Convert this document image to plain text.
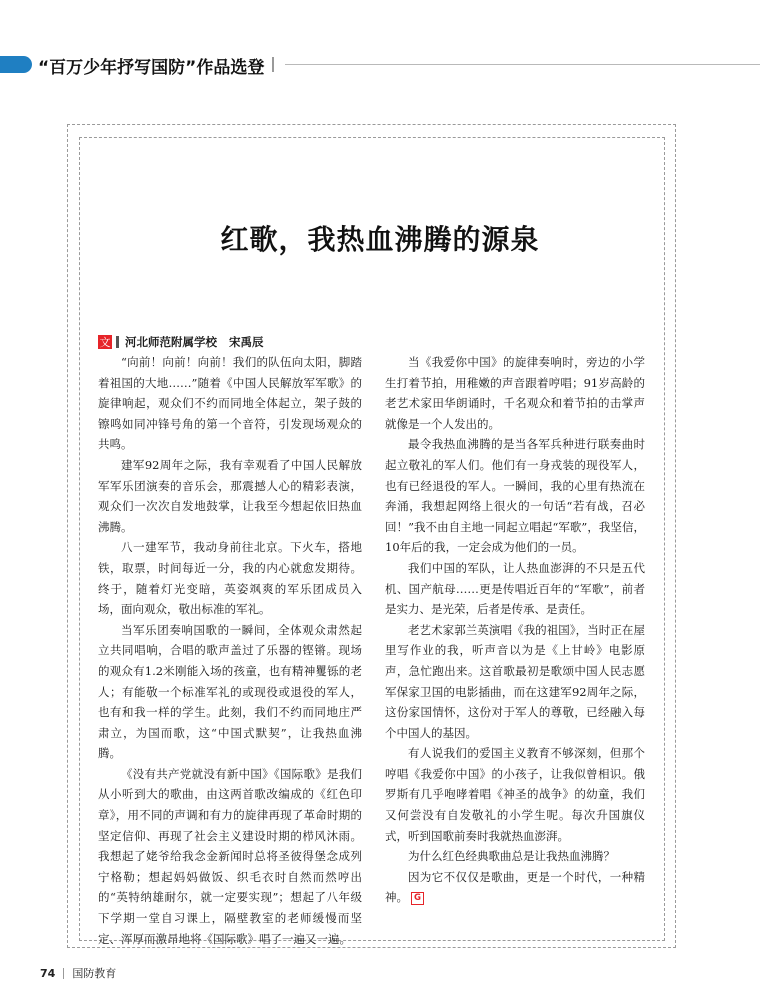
“百万少年抒写国防”作品选登
红歌，我热血沸腾的源泉
文 河北师范附属学校 宋禹辰

“向前！向前！向前！我们的队伍向太阳，脚踏着祖国的大地……”随着《中国人民解放军军歌》的旋律响起，观众们不约而同地全体起立，架子鼓的镲鸣如同冲锋号角的第一个音符，引发现场观众的共鸣。

建军92周年之际，我有幸观看了中国人民解放军军乐团演奏的音乐会，那震撼人心的精彩表演，观众们一次次自发地鼓掌，让我至今想起依旧热血沸腾。

八一建军节，我动身前往北京。下火车，搭地铁，取票，时间每近一分，我的内心就愈发期待。终于，随着灯光变暗，英姿飒爽的军乐团成员入场，面向观众，敬出标准的军礼。

当军乐团奏响国歌的一瞬间，全体观众肃然起立共同唱响，合唱的歌声盖过了乐器的铿锵。现场的观众有1.2米刚能入场的孩童，也有精神矍铄的老人；有能敬一个标准军礼的或现役或退役的军人，也有和我一样的学生。此刻，我们不约而同地庄严肃立，为国而歌，这“中国式默契”，让我热血沸腾。

《没有共产党就没有新中国》《国际歌》是我们从小听到大的歌曲，由这两首歌改编成的《红色印章》，用不同的声调和有力的旋律再现了革命时期的坚定信仰、再现了社会主义建设时期的栉风沐雨。我想起了姥爷给我念金新闻时总将圣彼得堡念成列宁格勒；想起妈妈做饭、织毛衣时自然而然哼出的“英特纳雄耐尔，就一定要实现”；想起了八年级下学期一堂自习课上，隔壁教室的老师缓慢而坚定、浑厚而激昂地将《国际歌》唱了一遍又一遍。

当《我爱你中国》的旋律奏响时，旁边的小学生打着节拍，用稚嫩的声音跟着哼唱；91岁高龄的老艺术家田华朗诵时，千名观众和着节拍的击掌声就像是一个人发出的。

最令我热血沸腾的是当各军兵种进行联奏曲时起立敬礼的军人们。他们有一身戎装的现役军人，也有已经退役的军人。一瞬间，我的心里有热流在奔涌，我想起网络上很火的一句话“若有战，召必回！”我不由自主地一同起立唱起“军歌”，我坚信，10年后的我，一定会成为他们的一员。

我们中国的军队，让人热血澎湃的不只是五代机、国产航母……更是传唱近百年的“军歌”，前者是实力、是光荣，后者是传承、是责任。

老艺术家郭兰英演唱《我的祖国》，当时正在屋里写作业的我，听声音以为是《上甘岭》电影原声，急忙跑出来。这首歌最初是歌颂中国人民志愿军保家卫国的电影插曲，而在这建军92周年之际，这份家国情怀，这份对于军人的尊敬，已经融入每个中国人的基因。

有人说我们的爱国主义教育不够深刻，但那个哼唱《我爱你中国》的小孩子，让我似曾相识。俄罗斯有几乎咆哮着唱《神圣的战争》的幼童，我们又何尝没有自发敬礼的小学生呢。每次升国旗仪式，听到国歌前奏时我就热血澎湃。

为什么红色经典歌曲总是让我热血沸腾？

因为它不仅仅是歌曲，更是一个时代，一种精神。 G

74 国防教育
